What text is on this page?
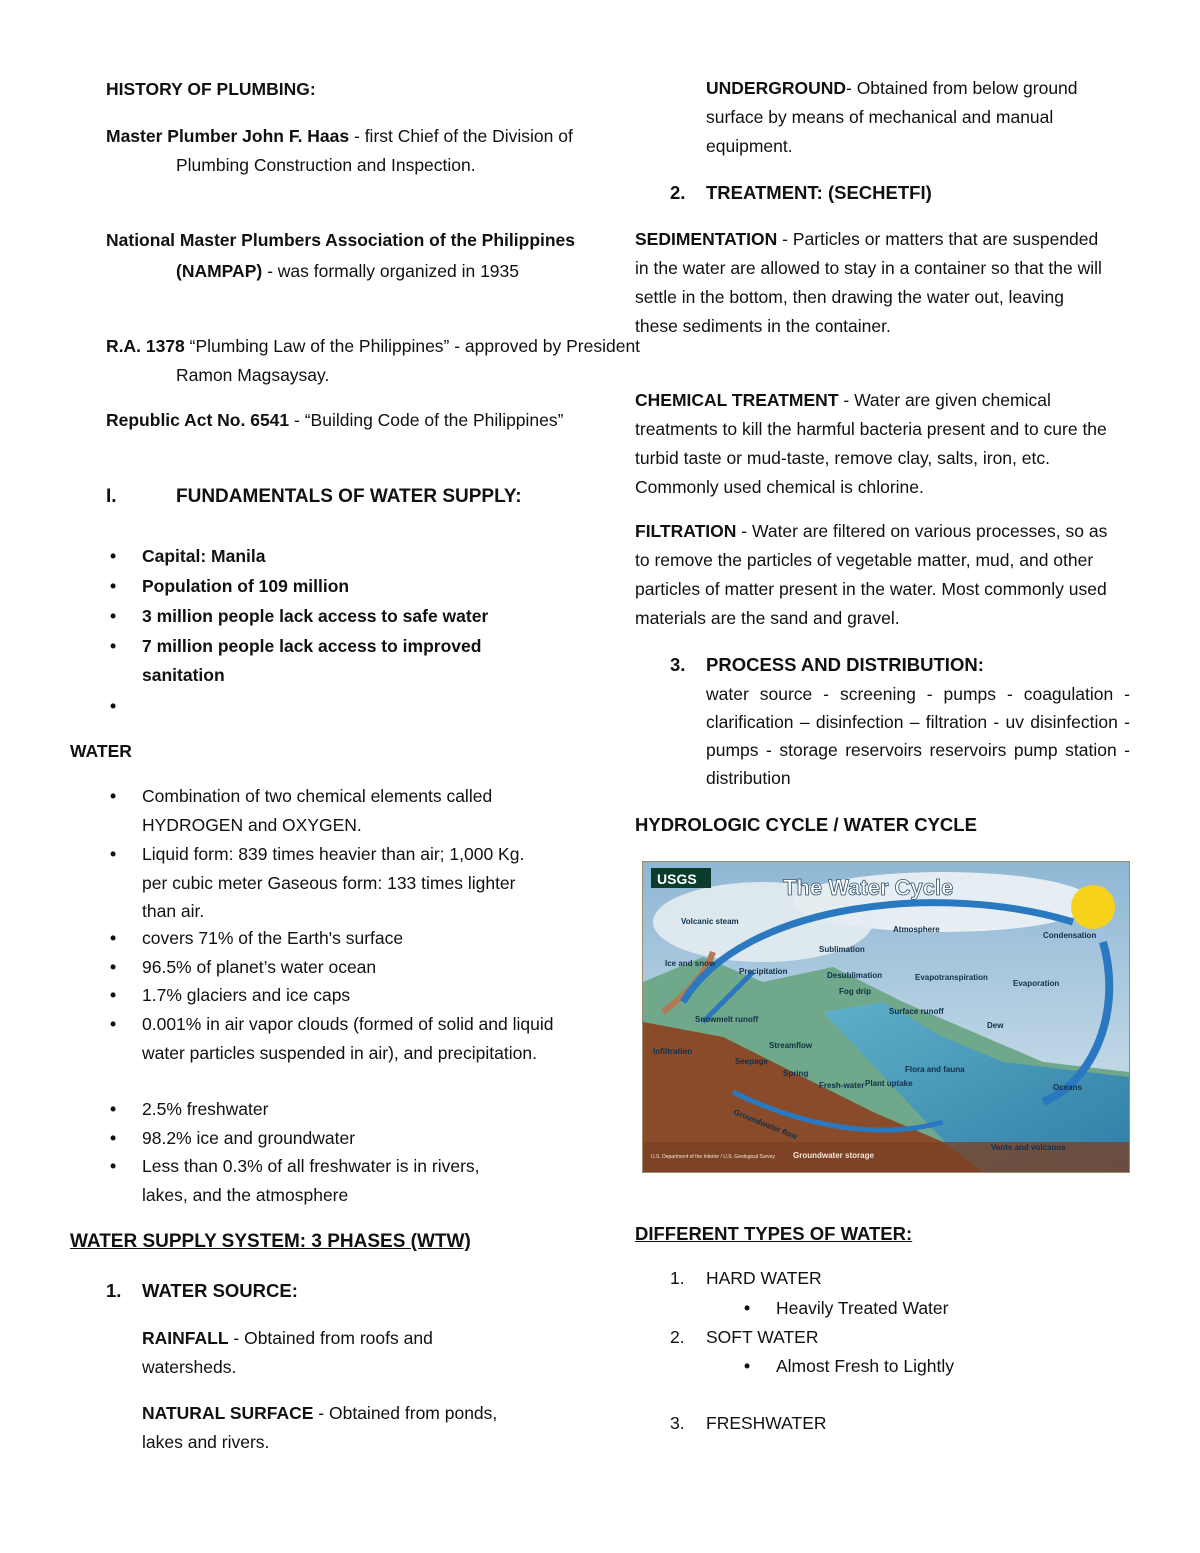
HISTORY OF PLUMBING:
Master Plumber John F. Haas - first Chief of the Division of Plumbing Construction and Inspection.
National Master Plumbers Association of the Philippines (NAMPAP) - was formally organized in 1935
R.A. 1378 “Plumbing Law of the Philippines” - approved by President Ramon Magsaysay.
Republic Act No. 6541 - “Building Code of the Philippines”
I.	FUNDAMENTALS OF WATER SUPPLY:
• Capital: Manila
• Population of 109 million
• 3 million people lack access to safe water
• 7 million people lack access to improved sanitation
•
WATER
• Combination of two chemical elements called HYDROGEN and OXYGEN.
• Liquid form: 839 times heavier than air; 1,000 Kg. per cubic meter Gaseous form: 133 times lighter than air.
• covers 71% of the Earth's surface
• 96.5% of planet’s water ocean
• 1.7% glaciers and ice caps
• 0.001% in air vapor clouds (formed of solid and liquid water particles suspended in air), and precipitation.
• 2.5% freshwater
• 98.2% ice and groundwater
• Less than 0.3% of all freshwater is in rivers, lakes, and the atmosphere
WATER SUPPLY SYSTEM: 3 PHASES (WTW)
1. WATER SOURCE:
RAINFALL - Obtained from roofs and watersheds.
NATURAL SURFACE - Obtained from ponds, lakes and rivers.
UNDERGROUND- Obtained from below ground surface by means of mechanical and manual equipment.
2. TREATMENT: (SECHETFI)
SEDIMENTATION - Particles or matters that are suspended in the water are allowed to stay in a container so that the will settle in the bottom, then drawing the water out, leaving these sediments in the container.
CHEMICAL TREATMENT - Water are given chemical treatments to kill the harmful bacteria present and to cure the turbid taste or mud-taste, remove clay, salts, iron, etc. Commonly used chemical is chlorine.
FILTRATION - Water are filtered on various processes, so as to remove the particles of vegetable matter, mud, and other particles of matter present in the water. Most commonly used materials are the sand and gravel.
3. PROCESS AND DISTRIBUTION:
water source - screening - pumps - coagulation - clarification – disinfection – filtration - uv disinfection - pumps - storage reservoirs reservoirs pump station - distribution
HYDROLOGIC CYCLE / WATER CYCLE
USGS	The Water Cycle
Volcanic steam
Atmosphere
Condensation
Sublimation
Desublimation
Ice and snow
Precipitation
Evapotranspiration
Evaporation
Fog drip
Snowmelt runoff
Surface runoff
Dew
Infiltration
Streamflow
Seepage
Spring
Fresh-water Plant uptake
Flora and fauna
Oceans
Groundwater flow
Groundwater storage
Vents and volcanos
U.S. Department of the Interior / U.S. Geological Survey
DIFFERENT TYPES OF WATER:
1. HARD WATER
• Heavily Treated Water
2. SOFT WATER
• Almost Fresh to Lightly
3. FRESHWATER
